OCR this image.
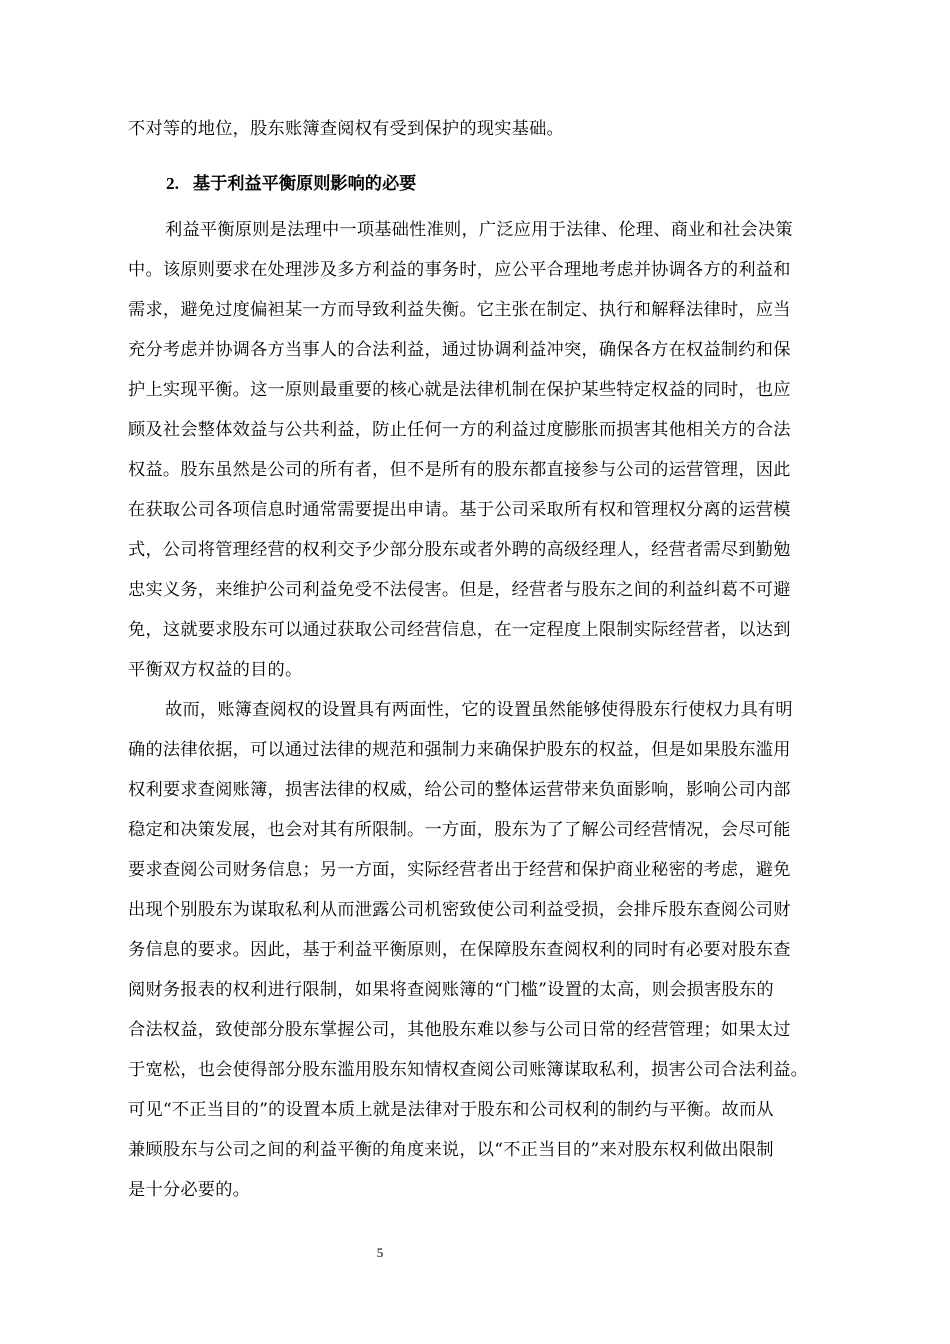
不对等的地位，股东账簿查阅权有受到保护的现实基础。
2. 基于利益平衡原则影响的必要
利益平衡原则是法理中一项基础性准则，广泛应用于法律、伦理、商业和社会决策
中。该原则要求在处理涉及多方利益的事务时，应公平合理地考虑并协调各方的利益和
需求，避免过度偏袒某一方而导致利益失衡。它主张在制定、执行和解释法律时，应当
充分考虑并协调各方当事人的合法利益，通过协调利益冲突，确保各方在权益制约和保
护上实现平衡。这一原则最重要的核心就是法律机制在保护某些特定权益的同时，也应
顾及社会整体效益与公共利益，防止任何一方的利益过度膨胀而损害其他相关方的合法
权益。股东虽然是公司的所有者，但不是所有的股东都直接参与公司的运营管理，因此
在获取公司各项信息时通常需要提出申请。基于公司采取所有权和管理权分离的运营模
式，公司将管理经营的权利交予少部分股东或者外聘的高级经理人，经营者需尽到勤勉
忠实义务，来维护公司利益免受不法侵害。但是，经营者与股东之间的利益纠葛不可避
免，这就要求股东可以通过获取公司经营信息，在一定程度上限制实际经营者，以达到
平衡双方权益的目的。
故而，账簿查阅权的设置具有两面性，它的设置虽然能够使得股东行使权力具有明
确的法律依据，可以通过法律的规范和强制力来确保护股东的权益，但是如果股东滥用
权利要求查阅账簿，损害法律的权威，给公司的整体运营带来负面影响，影响公司内部
稳定和决策发展，也会对其有所限制。一方面，股东为了了解公司经营情况，会尽可能
要求查阅公司财务信息；另一方面，实际经营者出于经营和保护商业秘密的考虑，避免
出现个别股东为谋取私利从而泄露公司机密致使公司利益受损，会排斥股东查阅公司财
务信息的要求。因此，基于利益平衡原则，在保障股东查阅权利的同时有必要对股东查
阅财务报表的权利进行限制，如果将查阅账簿的“门槛”设置的太高，则会损害股东的
合法权益，致使部分股东掌握公司，其他股东难以参与公司日常的经营管理；如果太过
于宽松，也会使得部分股东滥用股东知情权查阅公司账簿谋取私利，损害公司合法利益。
可见“不正当目的”的设置本质上就是法律对于股东和公司权利的制约与平衡。故而从
兼顾股东与公司之间的利益平衡的角度来说，以“不正当目的”来对股东权利做出限制
是十分必要的。
5
